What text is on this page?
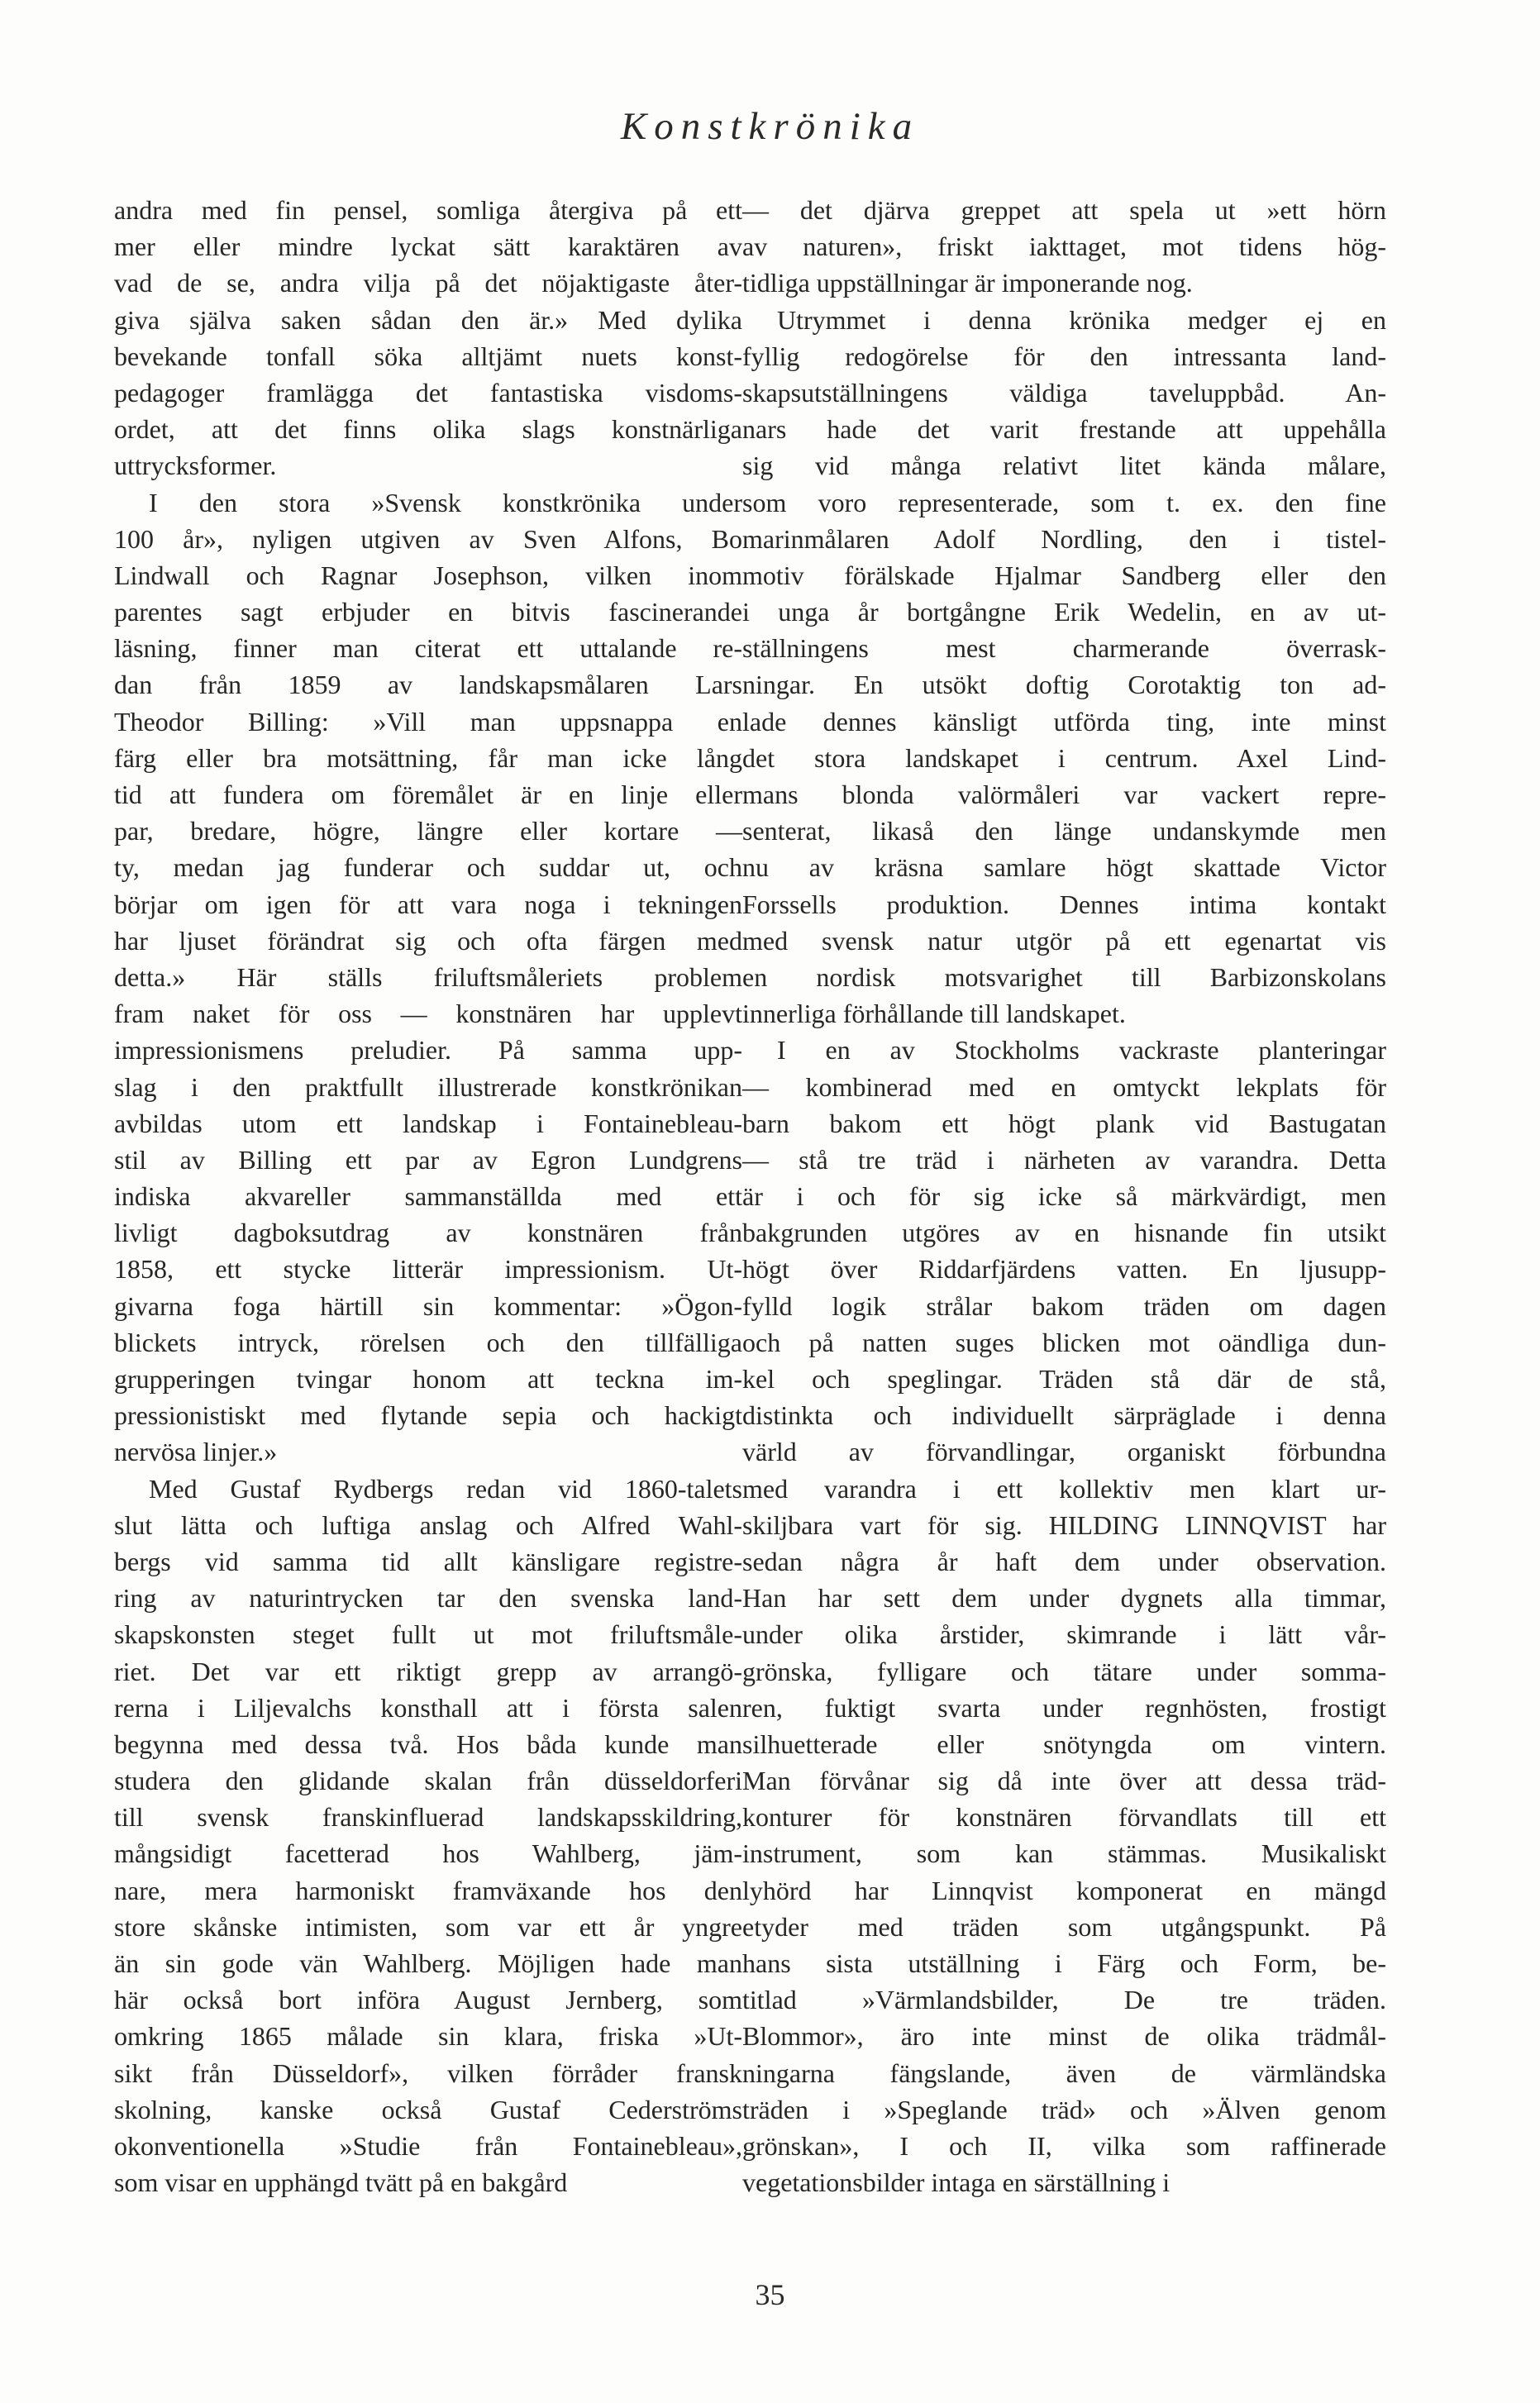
Konstkrönika
andra med fin pensel, somliga återgiva på ett
mer eller mindre lyckat sätt karaktären av
vad de se, andra vilja på det nöjaktigaste åter-
giva själva saken sådan den är.» Med dylika
bevekande tonfall söka alltjämt nuets konst-
pedagoger framlägga det fantastiska visdoms-
ordet, att det finns olika slags konstnärliga
uttrycksformer.
I den stora »Svensk konstkrönika under
100 år», nyligen utgiven av Sven Alfons, Bo
Lindwall och Ragnar Josephson, vilken inom
parentes sagt erbjuder en bitvis fascinerande
läsning, finner man citerat ett uttalande re-
dan från 1859 av landskapsmålaren Lars
Theodor Billing: »Vill man uppsnappa en
färg eller bra motsättning, får man icke lång
tid att fundera om föremålet är en linje eller
par, bredare, högre, längre eller kortare —
ty, medan jag funderar och suddar ut, och
börjar om igen för att vara noga i tekningen
har ljuset förändrat sig och ofta färgen med
detta.» Här ställs friluftsmåleriets problem
fram naket för oss — konstnären har upplevt
impressionismens preludier. På samma upp-
slag i den praktfullt illustrerade konstkrönikan
avbildas utom ett landskap i Fontainebleau-
stil av Billing ett par av Egron Lundgrens
indiska akvareller sammanställda med ett
livligt dagboksutdrag av konstnären från
1858, ett stycke litterär impressionism. Ut-
givarna foga härtill sin kommentar: »Ögon-
blickets intryck, rörelsen och den tillfälliga
grupperingen tvingar honom att teckna im-
pressionistiskt med flytande sepia och hackigt
nervösa linjer.»
Med Gustaf Rydbergs redan vid 1860-talets
slut lätta och luftiga anslag och Alfred Wahl-
bergs vid samma tid allt känsligare registre-
ring av naturintrycken tar den svenska land-
skapskonsten steget fullt ut mot friluftsmåle-
riet. Det var ett riktigt grepp av arrangö-
rerna i Liljevalchs konsthall att i första salen
begynna med dessa två. Hos båda kunde man
studera den glidande skalan från düsseldorferi
till svensk franskinfluerad landskapsskildring,
mångsidigt facetterad hos Wahlberg, jäm-
nare, mera harmoniskt framväxande hos den
store skånske intimisten, som var ett år yngre
än sin gode vän Wahlberg. Möjligen hade man
här också bort införa August Jernberg, som
omkring 1865 målade sin klara, friska »Ut-
sikt från Düsseldorf», vilken förråder fransk
skolning, kanske också Gustaf Cederströms
okonventionella »Studie från Fontainebleau»,
som visar en upphängd tvätt på en bakgård
— det djärva greppet att spela ut »ett hörn
av naturen», friskt iakttaget, mot tidens hög-
tidliga uppställningar är imponerande nog.
Utrymmet i denna krönika medger ej en
fyllig redogörelse för den intressanta land-
skapsutställningens väldiga taveluppbåd. An-
nars hade det varit frestande att uppehålla
sig vid många relativt litet kända målare,
som voro representerade, som t. ex. den fine
marinmålaren Adolf Nordling, den i tistel-
motiv förälskade Hjalmar Sandberg eller den
i unga år bortgångne Erik Wedelin, en av ut-
ställningens mest charmerande överrask-
ningar. En utsökt doftig Corotaktig ton ad-
lade dennes känsligt utförda ting, inte minst
det stora landskapet i centrum. Axel Lind-
mans blonda valörmåleri var vackert repre-
senterat, likaså den länge undanskymde men
nu av kräsna samlare högt skattade Victor
Forssells produktion. Dennes intima kontakt
med svensk natur utgör på ett egenartat vis
en nordisk motsvarighet till Barbizonskolans
innerliga förhållande till landskapet.
I en av Stockholms vackraste planteringar
— kombinerad med en omtyckt lekplats för
barn bakom ett högt plank vid Bastugatan
— stå tre träd i närheten av varandra. Detta
är i och för sig icke så märkvärdigt, men
bakgrunden utgöres av en hisnande fin utsikt
högt över Riddarfjärdens vatten. En ljusupp-
fylld logik strålar bakom träden om dagen
och på natten suges blicken mot oändliga dun-
kel och speglingar. Träden stå där de stå,
distinkta och individuellt särpräglade i denna
värld av förvandlingar, organiskt förbundna
med varandra i ett kollektiv men klart ur-
skiljbara vart för sig. HILDING LINNQVIST har
sedan några år haft dem under observation.
Han har sett dem under dygnets alla timmar,
under olika årstider, skimrande i lätt vår-
grönska, fylligare och tätare under somma-
ren, fuktigt svarta under regnhösten, frostigt
silhuetterade eller snötyngda om vintern.
Man förvånar sig då inte över att dessa träd-
konturer för konstnären förvandlats till ett
instrument, som kan stämmas. Musikaliskt
lyhörd har Linnqvist komponerat en mängd
etyder med träden som utgångspunkt. På
hans sista utställning i Färg och Form, be-
titlad »Värmlandsbilder, De tre träden.
Blommor», äro inte minst de olika trädmål-
ningarna fängslande, även de värmländska
träden i »Speglande träd» och »Älven genom
grönskan», I och II, vilka som raffinerade
vegetationsbilder intaga en särställning i
35
